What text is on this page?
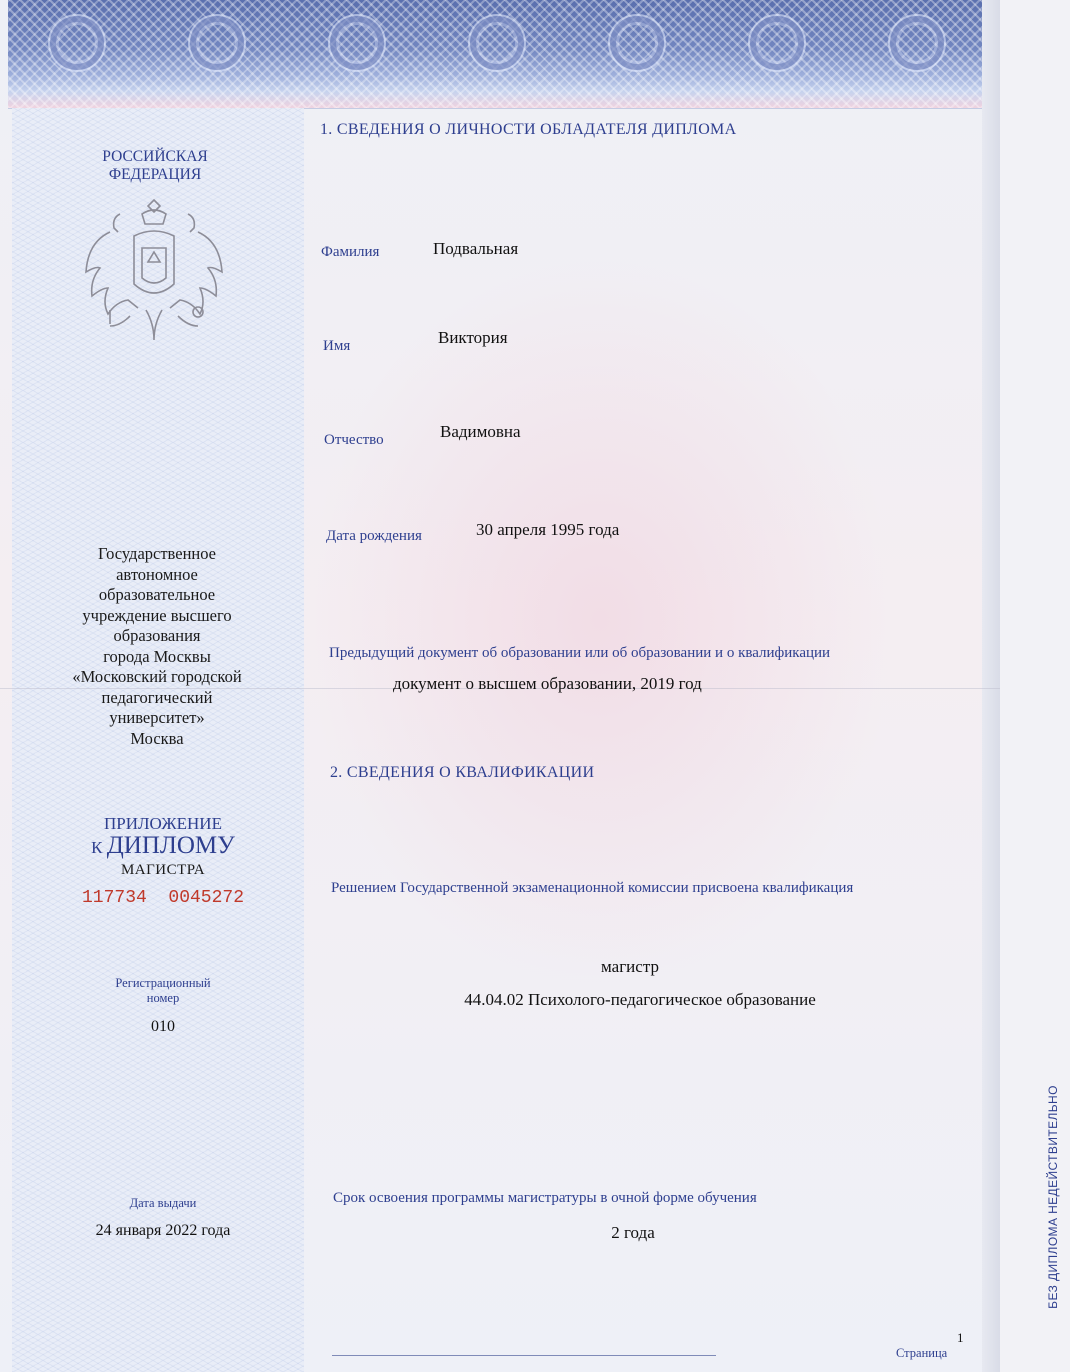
РОССИЙСКАЯ
ФЕДЕРАЦИЯ
Государственное
автономное
образовательное
учреждение высшего
образования
города Москвы
«Московский городской
педагогический
университет»
Москва
ПРИЛОЖЕНИЕ
К ДИПЛОМУ
МАГИСТРА
117734  0045272
Регистрационный
номер
010
Дата выдачи
24 января 2022 года
1. СВЕДЕНИЯ О ЛИЧНОСТИ ОБЛАДАТЕЛЯ ДИПЛОМА
Фамилия	Подвальная
Имя	Виктория
Отчество	Вадимовна
Дата рождения	30 апреля 1995 года
Предыдущий документ об образовании или об образовании и о квалификации
документ о высшем образовании, 2019 год
2. СВЕДЕНИЯ О КВАЛИФИКАЦИИ
Решением Государственной экзаменационной комиссии присвоена квалификация
магистр
44.04.02 Психолого-педагогическое образование
Срок освоения программы магистратуры в очной форме обучения
2 года	БЕЗ ДИПЛОМА НЕДЕЙСТВИТЕЛЬНО
1
Страница
